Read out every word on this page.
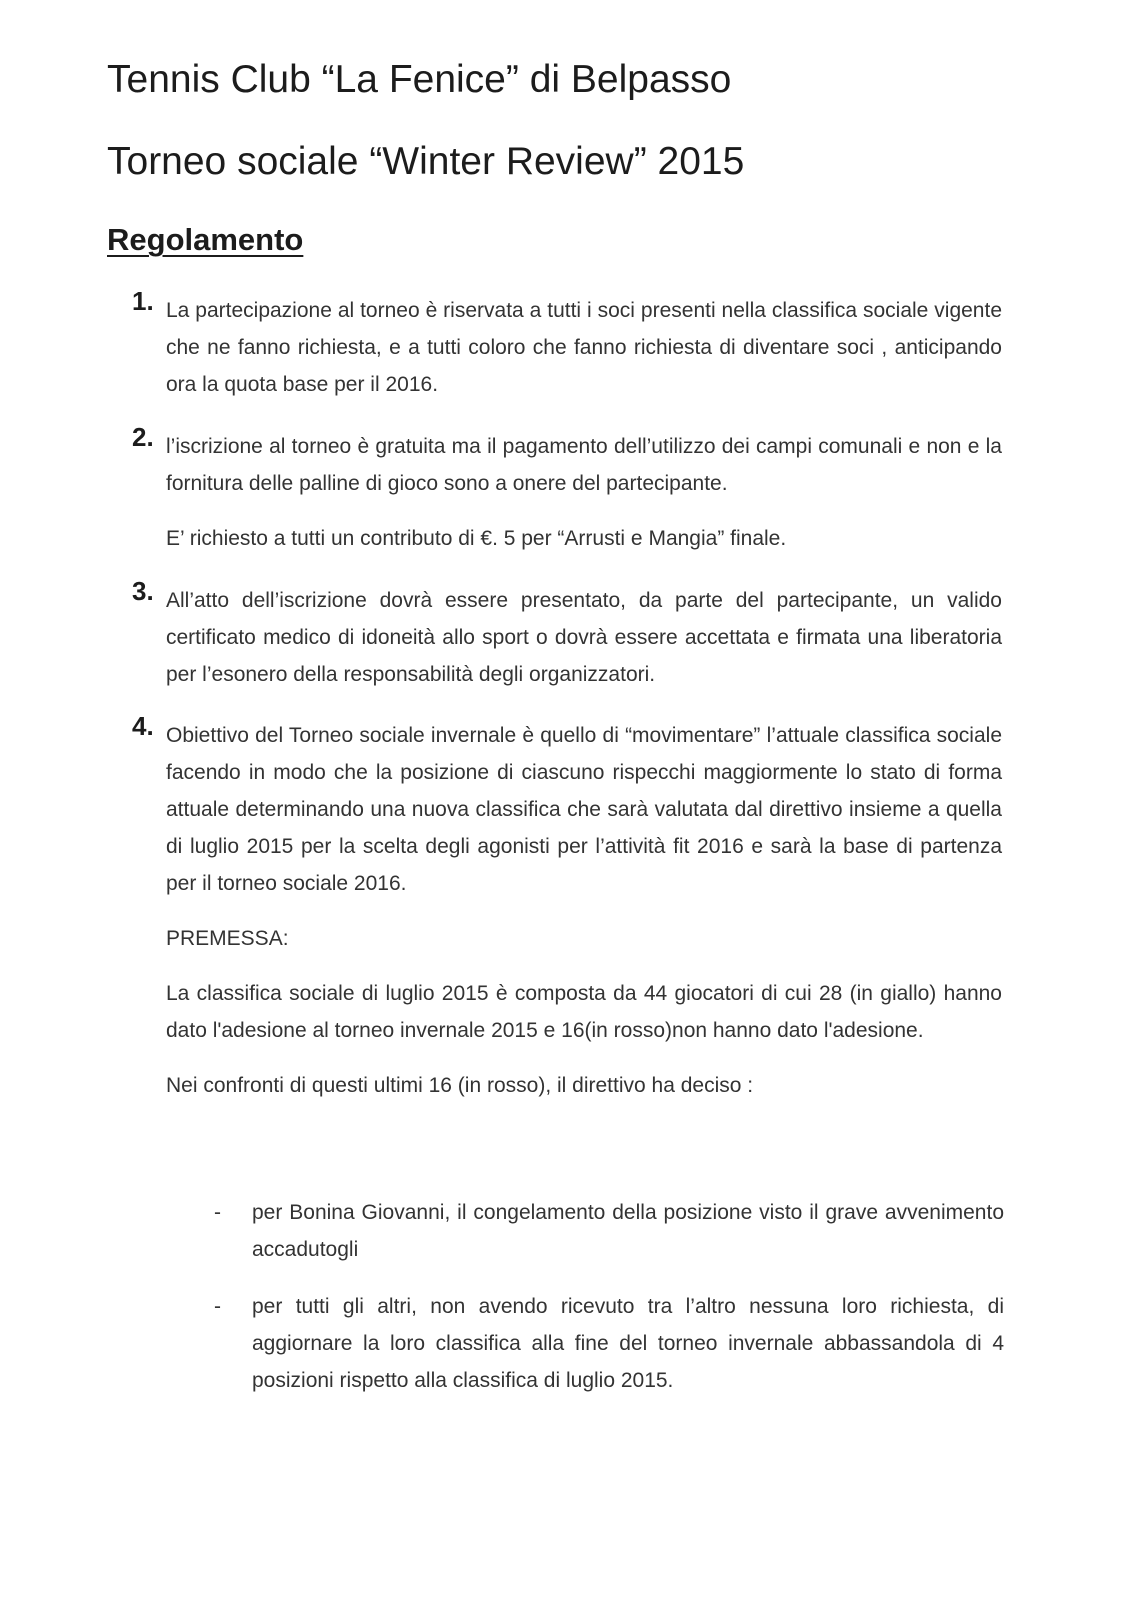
Tennis Club “La Fenice” di Belpasso
Torneo sociale “Winter Review” 2015
Regolamento
1. La partecipazione al torneo è riservata a tutti i soci presenti nella classifica sociale vigente che ne fanno richiesta, e a tutti coloro che fanno richiesta di diventare soci , anticipando ora la quota base per il 2016.

2. l’iscrizione al torneo è gratuita ma il pagamento dell’utilizzo dei campi comunali e non e la fornitura delle palline di gioco sono a onere del partecipante.

E’ richiesto a tutti un contributo di €. 5 per “Arrusti e Mangia” finale.

3. All’atto dell’iscrizione dovrà essere presentato, da parte del partecipante, un valido certificato medico di idoneità allo sport o dovrà essere accettata e firmata una liberatoria per l’esonero della responsabilità degli organizzatori.

4. Obiettivo del Torneo sociale invernale è quello di “movimentare” l’attuale classifica sociale facendo in modo che la posizione di ciascuno rispecchi maggiormente lo stato di forma attuale determinando una nuova classifica che sarà valutata dal direttivo insieme a quella di luglio 2015 per la scelta degli agonisti per l’attività fit 2016 e sarà la base di partenza per il torneo sociale 2016.

PREMESSA:

La classifica sociale di luglio 2015 è composta da 44 giocatori di cui 28 (in giallo) hanno dato l'adesione al torneo invernale 2015 e 16(in rosso)non hanno dato l'adesione.

Nei confronti di questi ultimi 16 (in rosso), il direttivo ha deciso :

-	per Bonina Giovanni, il congelamento della posizione visto il grave avvenimento accadutogli

-	per tutti gli altri, non avendo ricevuto tra l’altro nessuna loro richiesta, di aggiornare la loro classifica alla fine del torneo invernale abbassandola di 4 posizioni rispetto alla classifica di luglio 2015.
